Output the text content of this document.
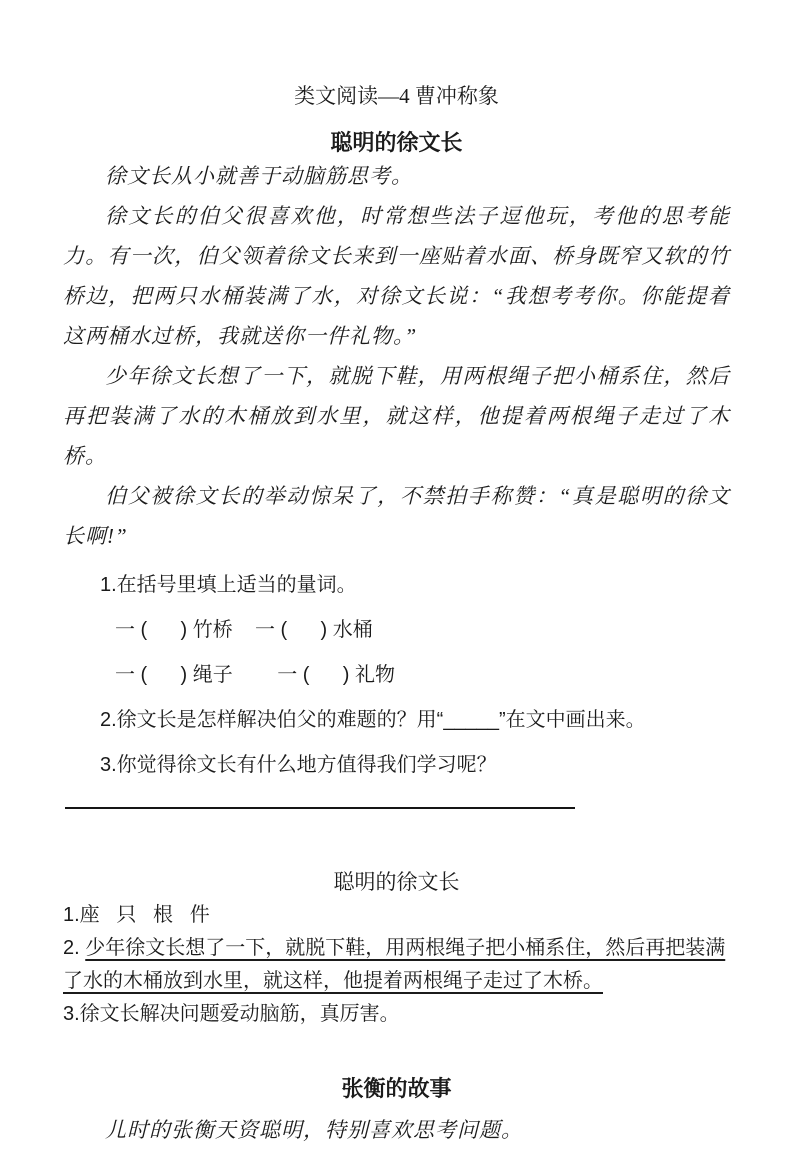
类文阅读—4 曹冲称象
聪明的徐文长

徐文长从小就善于动脑筋思考。

徐文长的伯父很喜欢他，时常想些法子逗他玩，考他的思考能力。有一次，伯父领着徐文长来到一座贴着水面、桥身既窄又软的竹桥边，把两只水桶装满了水，对徐文长说：“我想考考你。你能提着这两桶水过桥，我就送你一件礼物。”

少年徐文长想了一下，就脱下鞋，用两根绳子把小桶系住，然后再把装满了水的木桶放到水里，就这样，他提着两根绳子走过了木桥。

伯父被徐文长的举动惊呆了，不禁拍手称赞：“真是聪明的徐文长啊!”

1.在括号里填上适当的量词。
一 (      ) 竹桥    一 (      ) 水桶
一 (      ) 绳子        一 (      ) 礼物
2.徐文长是怎样解决伯父的难题的？用“_____”在文中画出来。
3.你觉得徐文长有什么地方值得我们学习呢？
聪明的徐文长
1.座   只   根   件
2. 少年徐文长想了一下，就脱下鞋，用两根绳子把小桶系住，然后再把装满了水的木桶放到水里，就这样，他提着两根绳子走过了木桥。
3.徐文长解决问题爱动脑筋，真厉害。
张衡的故事

儿时的张衡天资聪明，特别喜欢思考问题。
